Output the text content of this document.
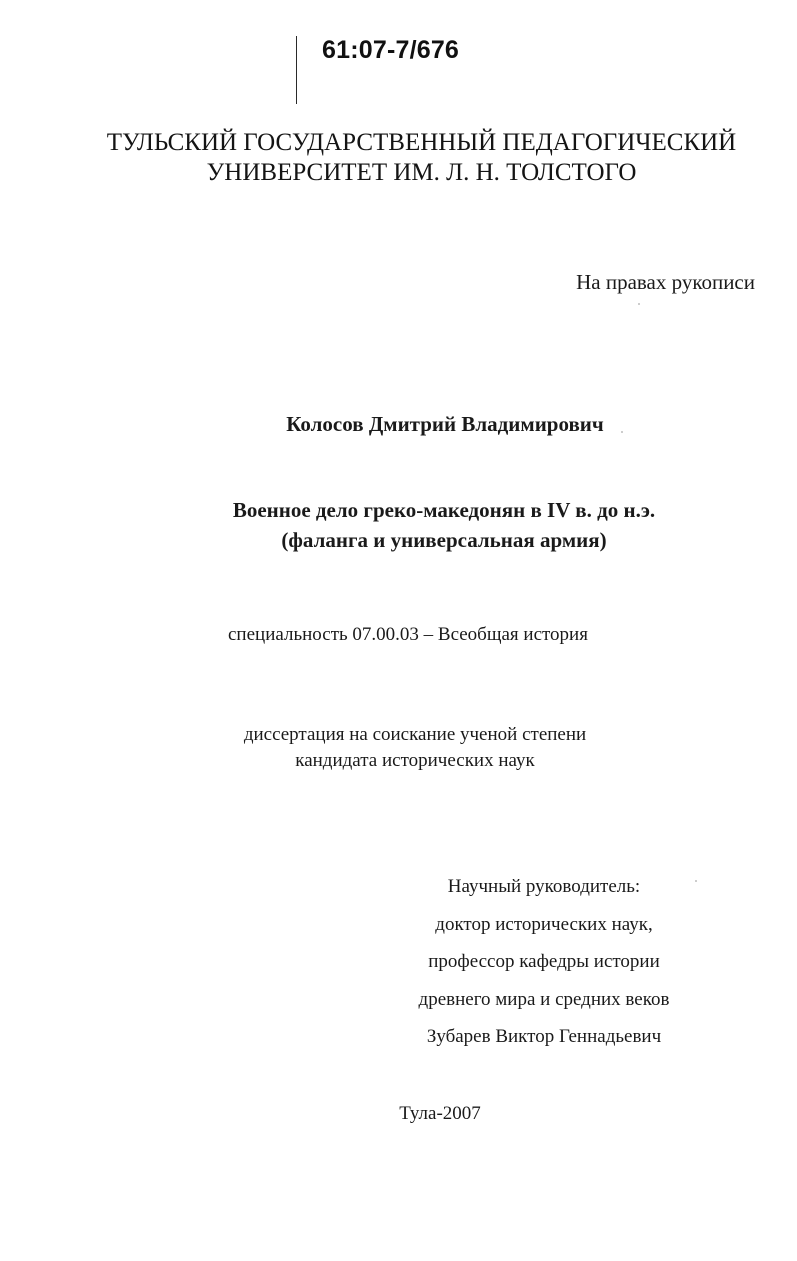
61:07-7/676
ТУЛЬСКИЙ ГОСУДАРСТВЕННЫЙ ПЕДАГОГИЧЕСКИЙ
УНИВЕРСИТЕТ ИМ. Л. Н. ТОЛСТОГО
На правах рукописи
Колосов Дмитрий Владимирович
Военное дело греко-македонян в IV в. до н.э.
(фаланга и универсальная армия)
специальность 07.00.03 – Всеобщая история
диссертация на соискание ученой степени
кандидата исторических наук
Научный руководитель:
доктор исторических наук,
профессор кафедры истории
древнего мира и средних веков
Зубарев Виктор Геннадьевич
Тула-2007
